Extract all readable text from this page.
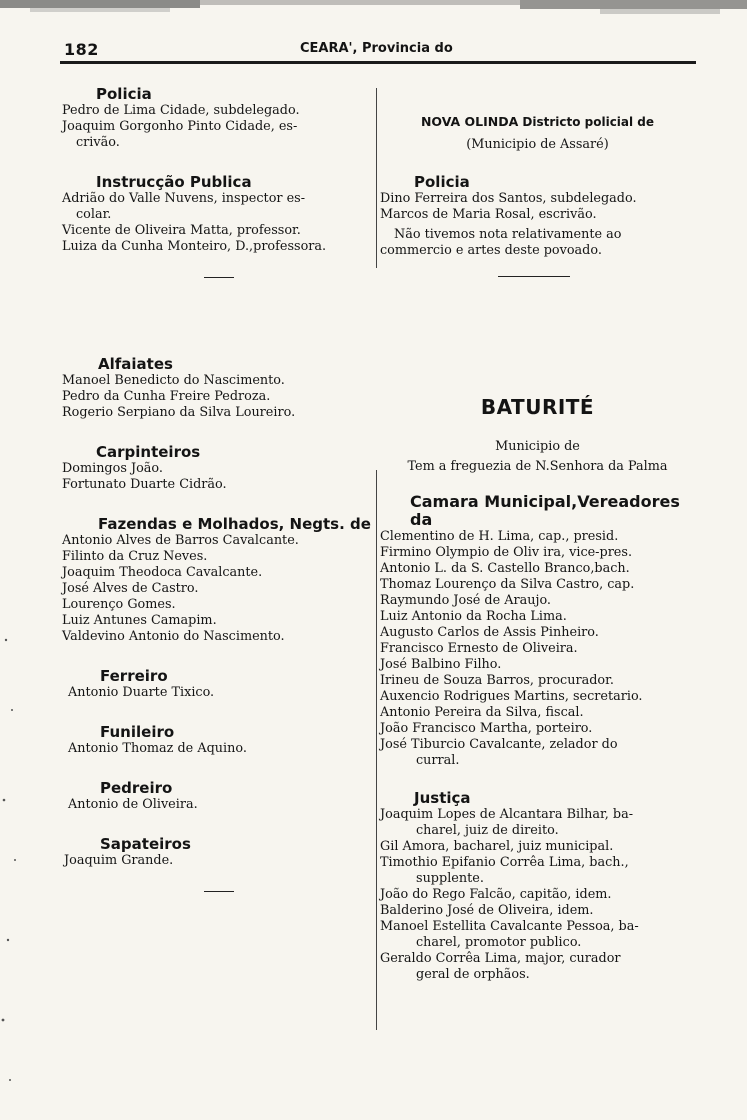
182	CEARA', Provincia do

Policia

Pedro de Lima Cidade, subdelegado.

Joaquim Gorgonho Pinto Cidade, es-

crivão.

Instrucção Publica

Adrião do Valle Nuvens, inspector es-

colar.

Vicente de Oliveira Matta, professor.

Luiza da Cunha Monteiro, D.,professora.

Alfaiates

Manoel Benedicto do Nascimento.

Pedro da Cunha Freire Pedroza.

Rogerio Serpiano da Silva Loureiro.

Carpinteiros

Domingos João.

Fortunato Duarte Cidrão.

Fazendas e Molhados, Negts. de

Antonio Alves de Barros Cavalcante.

Filinto da Cruz Neves.

Joaquim Theodoca Cavalcante.

José Alves de Castro.

Lourenço Gomes.

Luiz Antunes Camapim.

Valdevino Antonio do Nascimento.

Ferreiro

Antonio Duarte Tixico.

Funileiro

Antonio Thomaz de Aquino.

Pedreiro

Antonio de Oliveira.

Sapateiros

Joaquim Grande.

NOVA OLINDA Districto policial de

(Municipio de Assaré)

Policia

Dino Ferreira dos Santos, subdelegado.

Marcos de Maria Rosal, escrivão.

Não tivemos nota relativamente ao

commercio e artes deste povoado.

BATURITÉ

Municipio de

Tem a freguezia de N.Senhora da Palma

Camara Municipal,Vereadores da

Clementino de H. Lima, cap., presid.

Firmino Olympio de Oliv ira, vice-pres.

Antonio L. da S. Castello Branco,bach.

Thomaz Lourenço da Silva Castro, cap.

Raymundo José de Araujo.

Luiz Antonio da Rocha Lima.

Augusto Carlos de Assis Pinheiro.

Francisco Ernesto de Oliveira.

José Balbino Filho.

Irineu de Souza Barros, procurador.

Auxencio Rodrigues Martins, secretario.

Antonio Pereira da Silva, fiscal.

João Francisco Martha, porteiro.

José Tiburcio Cavalcante, zelador do

curral.

Justiça

Joaquim Lopes de Alcantara Bilhar, ba-

charel, juiz de direito.

Gil Amora, bacharel, juiz municipal.

Timothio Epifanio Corrêa Lima, bach.,

supplente.

João do Rego Falcão, capitão, idem.

Balderino José de Oliveira, idem.

Manoel Estellita Cavalcante Pessoa, ba-

charel, promotor publico.

Geraldo Corrêa Lima, major, curador

geral de orphãos.
